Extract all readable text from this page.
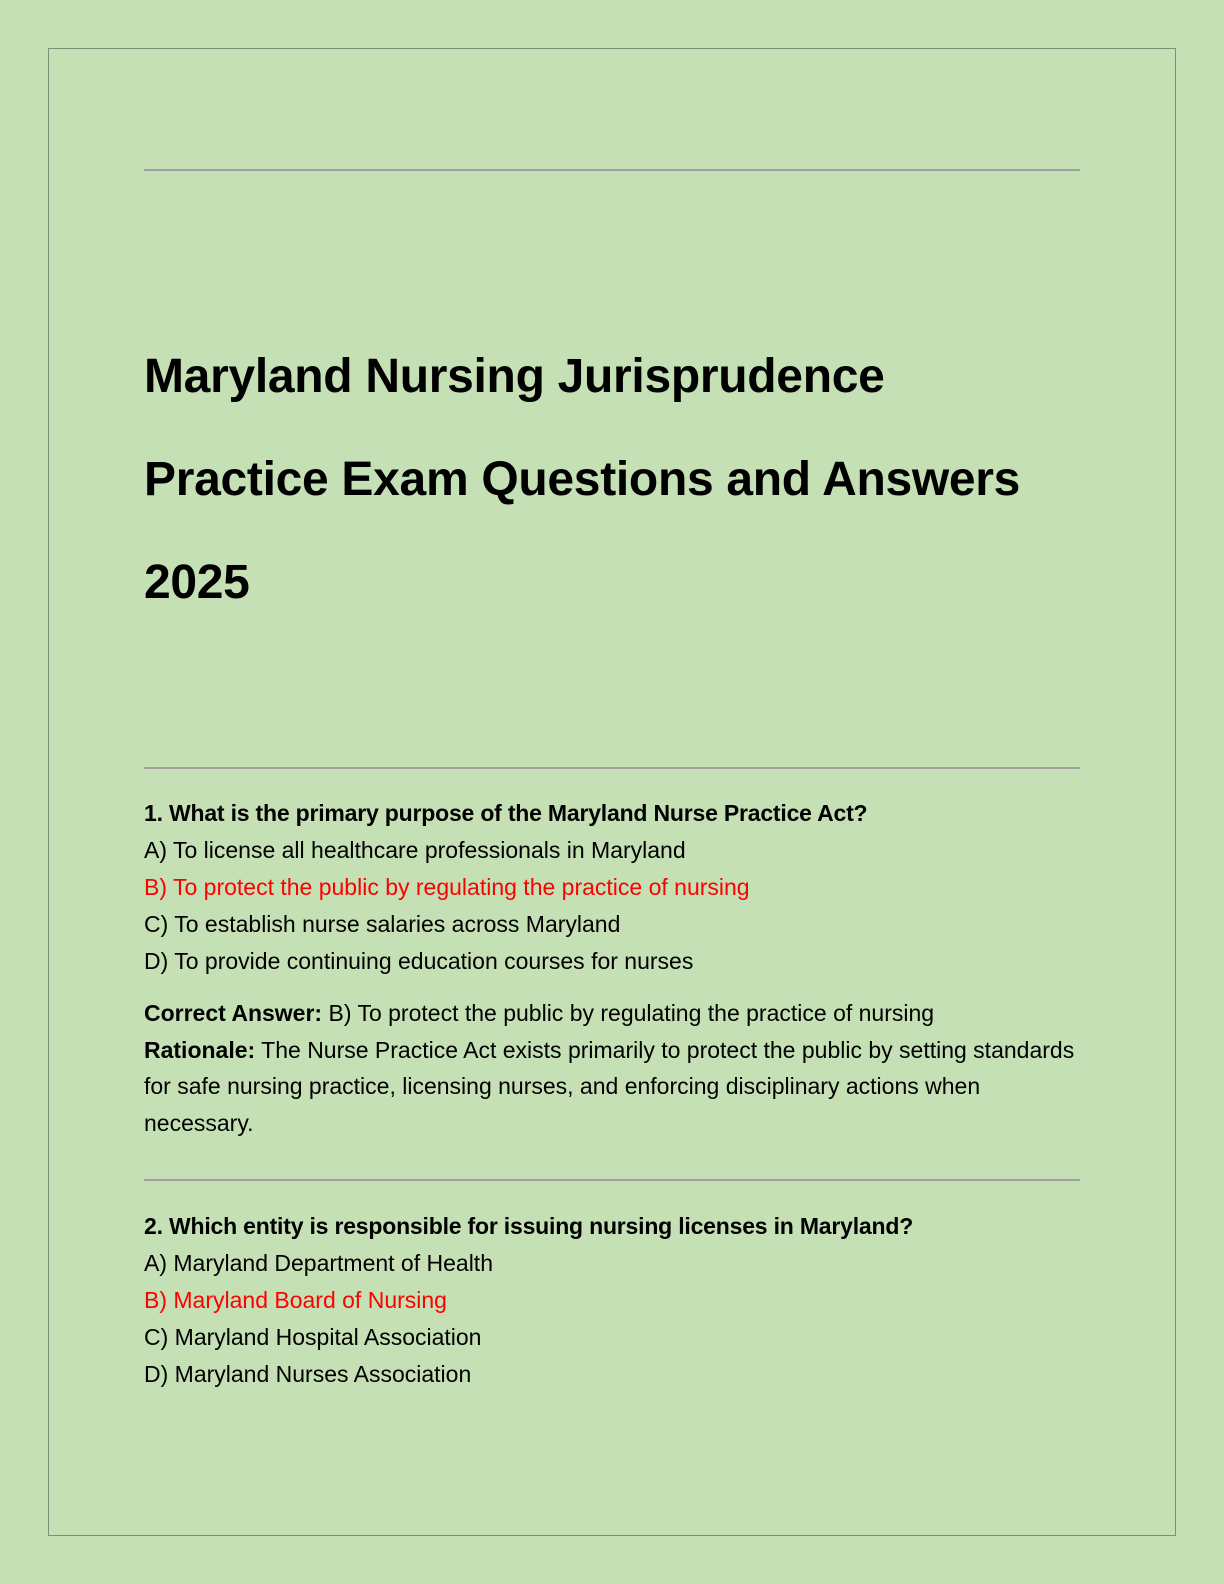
Maryland Nursing Jurisprudence
Practice Exam Questions and Answers
2025
1. What is the primary purpose of the Maryland Nurse Practice Act?
A) To license all healthcare professionals in Maryland
B) To protect the public by regulating the practice of nursing
C) To establish nurse salaries across Maryland
D) To provide continuing education courses for nurses
Correct Answer: B) To protect the public by regulating the practice of nursing
Rationale: The Nurse Practice Act exists primarily to protect the public by setting standards for safe nursing practice, licensing nurses, and enforcing disciplinary actions when necessary.
2. Which entity is responsible for issuing nursing licenses in Maryland?
A) Maryland Department of Health
B) Maryland Board of Nursing
C) Maryland Hospital Association
D) Maryland Nurses Association
